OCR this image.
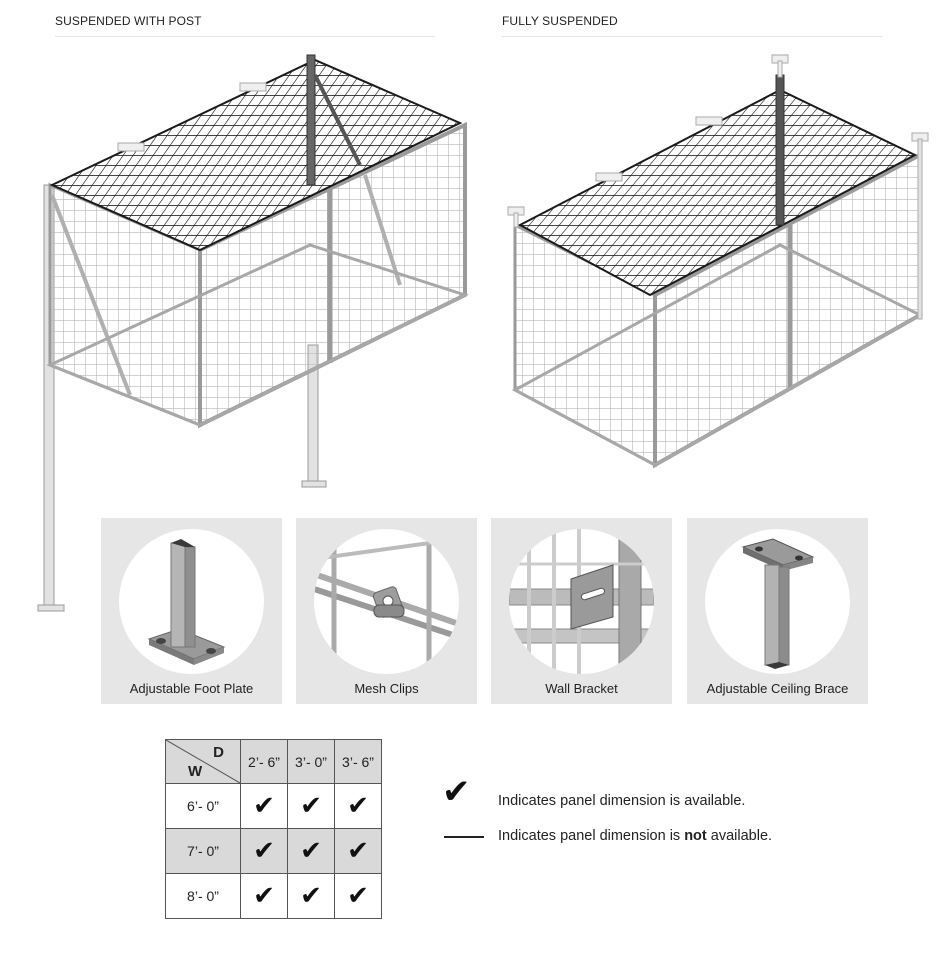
SUSPENDED WITH POST	FULLY SUSPENDED
Adjustable Foot Plate	Mesh Clips	Wall Bracket	Adjustable Ceiling Brace
D
W	2’- 6”	3’- 0”	3’- 6”
6’- 0”	✔	✔	✔
7’- 0”	✔	✔	✔
8’- 0”	✔	✔	✔
✔ Indicates panel dimension is available.
Indicates panel dimension is not available.
